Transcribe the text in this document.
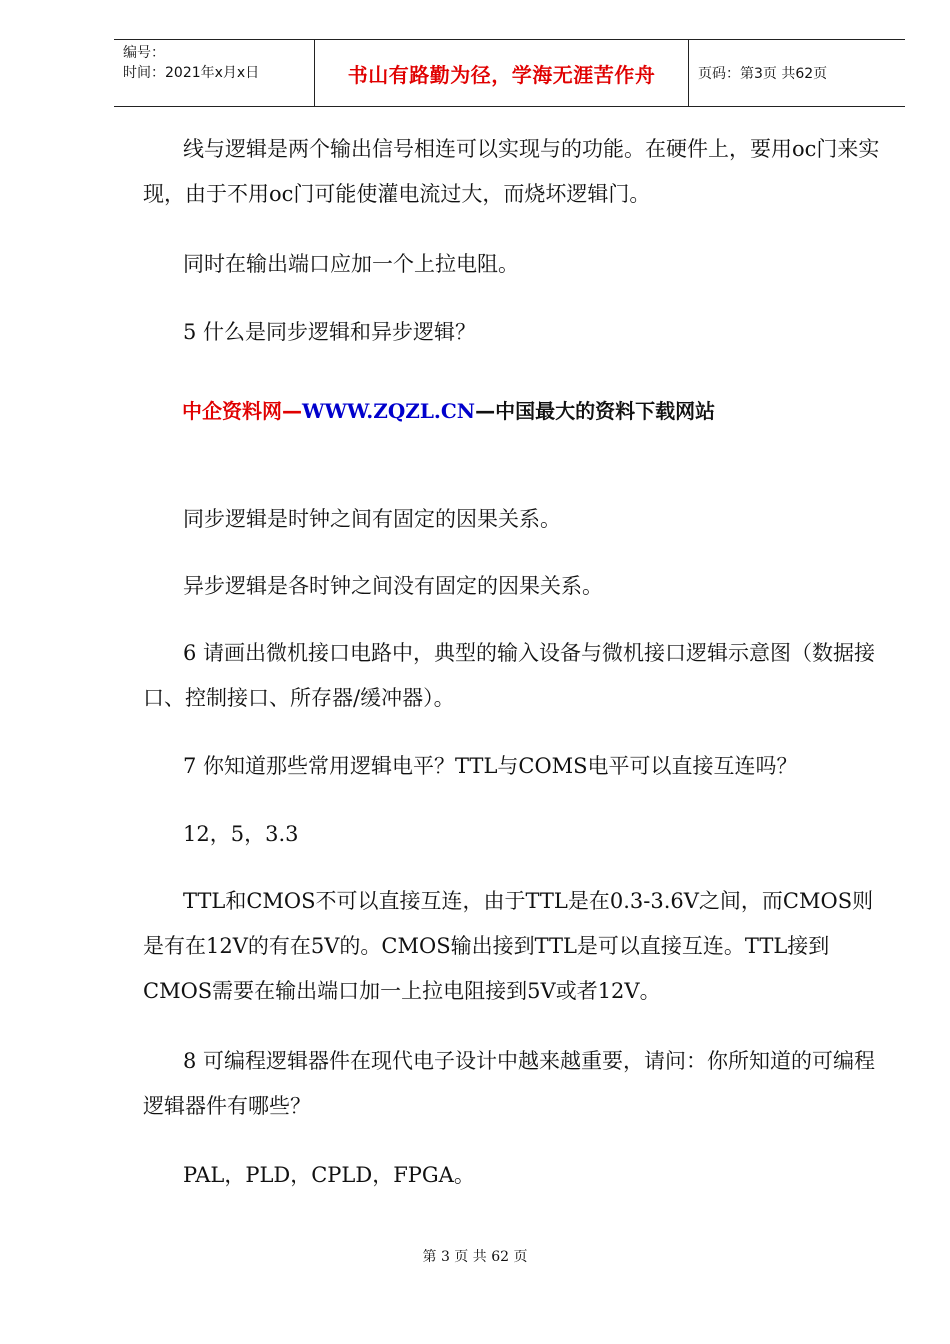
编号：
时间：2021年x月x日	书山有路勤为径，学海无涯苦作舟	页码：第3页 共62页

线与逻辑是两个输出信号相连可以实现与的功能。在硬件上，要用oc门来实现，由于不用oc门可能使灌电流过大，而烧坏逻辑门。

同时在输出端口应加一个上拉电阻。

5 什么是同步逻辑和异步逻辑？

中企资料网—WWW.ZQZL.CN—中国最大的资料下载网站

同步逻辑是时钟之间有固定的因果关系。

异步逻辑是各时钟之间没有固定的因果关系。

6 请画出微机接口电路中，典型的输入设备与微机接口逻辑示意图（数据接口、控制接口、所存器/缓冲器）。

7 你知道那些常用逻辑电平？TTL与COMS电平可以直接互连吗？

12，5，3.3

TTL和CMOS不可以直接互连，由于TTL是在0.3-3.6V之间，而CMOS则是有在12V的有在5V的。CMOS输出接到TTL是可以直接互连。TTL接到CMOS需要在输出端口加一上拉电阻接到5V或者12V。

8 可编程逻辑器件在现代电子设计中越来越重要，请问：你所知道的可编程逻辑器件有哪些？

PAL，PLD，CPLD，FPGA。

第 3 页 共 62 页
